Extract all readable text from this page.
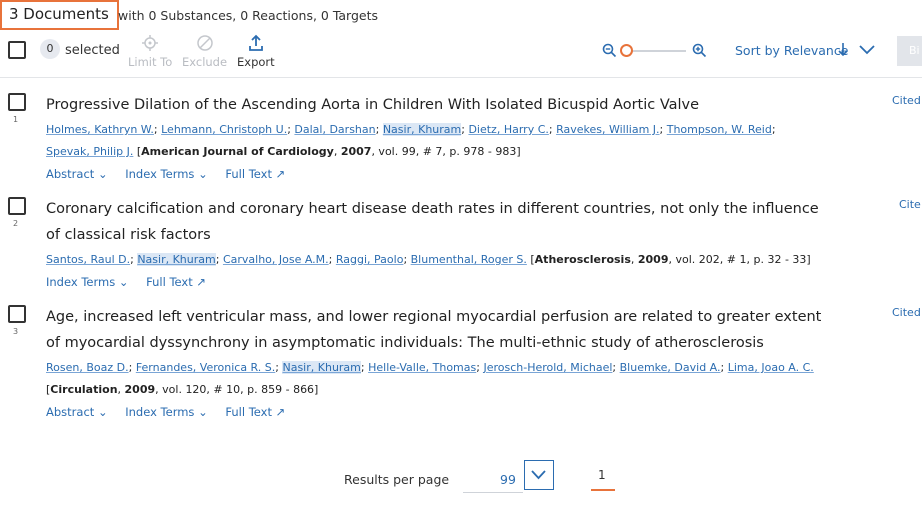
3 Documents with 0 Substances, 0 Reactions, 0 Targets
0 selected
Limit To Exclude Export
Sort by Relevance	Bi
1
Progressive Dilation of the Ascending Aorta in Children With Isolated Bicuspid Aortic Valve	Cited
Holmes, Kathryn W.; Lehmann, Christoph U.; Dalal, Darshan; Nasir, Khuram; Dietz, Harry C.; Ravekes, William J.; Thompson, W. Reid;
Spevak, Philip J. [American Journal of Cardiology, 2007, vol. 99, # 7, p. 978 - 983]
Abstract ⌄ Index Terms ⌄ Full Text ↗
2
Coronary calcification and coronary heart disease death rates in different countries, not only the influence of classical risk factors
Cite
Santos, Raul D.; Nasir, Khuram; Carvalho, Jose A.M.; Raggi, Paolo; Blumenthal, Roger S. [Atherosclerosis, 2009, vol. 202, # 1, p. 32 - 33]
Index Terms ⌄ Full Text ↗
3
Age, increased left ventricular mass, and lower regional myocardial perfusion are related to greater extent of myocardial dyssynchrony in asymptomatic individuals: The multi-ethnic study of atherosclerosis
Cited
Rosen, Boaz D.; Fernandes, Veronica R. S.; Nasir, Khuram; Helle-Valle, Thomas; Jerosch-Herold, Michael; Bluemke, David A.; Lima, Joao A. C.
[Circulation, 2009, vol. 120, # 10, p. 859 - 866]
Abstract ⌄ Index Terms ⌄ Full Text ↗
Results per page	99	1
